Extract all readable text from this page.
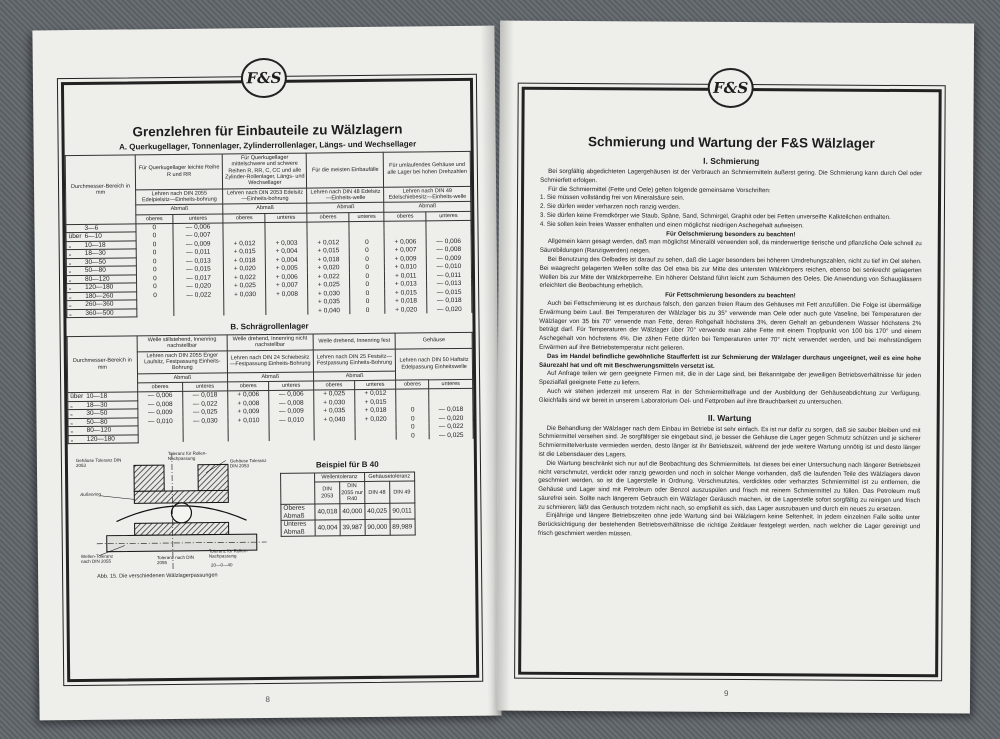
F&S
Grenzlehren für Einbauteile zu Wälzlagern
A. Querkugellager, Tonnenlager, Zylinderrollenlager, Längs- und Wechsellager
Durchmesser-Bereich in mm	Für Querkugellager leichte Reihe R und RR		Für Querkugellager mittelschwere und schwere Reihen R, RR, C, CC und alle Zylinder-Rollenlager, Längs- und Wechsellager		Für die meisten Einbaufälle		Für umlaufendes Gehäuse und alle Lager bei hohen Drehzahlen	
	Lehren nach DIN 2055 Edelpielsitz—Einheits-bohrung		Lehren nach DIN 2053 Edelsitz—Einheits-bohrung		Lehren nach DIN 48 Edelsitz—Einheits-welle		Lehren nach DIN 49 Edelschiebesitz—Einheits-welle	
	Abmaß		Abmaß		Abmaß		Abmaß	
	oberes	unteres	oberes	unteres	oberes	unteres	oberes	unteres
3—6	0	— 0,006						
über 6—10	0	— 0,007						
„ 10—18	0	— 0,009	+ 0,012	+ 0,003	+ 0,012	0	+ 0,006	— 0,006
„ 18—30	0	— 0,011	+ 0,015	+ 0,004	+ 0,015	0	+ 0,007	— 0,008
„ 30—50	0	— 0,013	+ 0,018	+ 0,004	+ 0,018	0	+ 0,009	— 0,009
„ 50—80	0	— 0,015	+ 0,020	+ 0,005	+ 0,020	0	+ 0,010	— 0,010
„ 80—120	0	— 0,017	+ 0,022	+ 0,006	+ 0,022	0	+ 0,011	— 0,011
„ 120—180	0	— 0,020	+ 0,025	+ 0,007	+ 0,025	0	+ 0,013	— 0,013
„ 180—260	0	— 0,022	+ 0,030	+ 0,008	+ 0,030	0	+ 0,015	— 0,015
„ 260—360					+ 0,035	0	+ 0,018	— 0,018
„ 360—500					+ 0,040	0	+ 0,020	— 0,020
B. Schrägrollenlager
Durchmesser-Bereich in mm	Welle stillstehend, Innenring nachstellbar		Welle drehend, Innenring nicht nachstellbar		Welle drehend, Innenring fest		Gehäuse	
	Lehren nach DIN 2055 Enger Laufsitz, Festpassung Einheits-Bohrung		Lehren nach DIN 24 Schiebesitz—Festpassung Einheits-Bohrung		Lehren nach DIN 25 Festsitz—Festpassung Einheits-Bohrung		Lehren nach DIN 50 Haftsitz Edelpassung Einheitswelle	
	Abmaß		Abmaß		Abmaß			
	oberes	unteres	oberes	unteres	oberes	unteres	oberes	unteres
über 10—18	— 0,006	— 0,018	+ 0,006	— 0,006	+ 0,025	+ 0,012		
„ 18—30	— 0,008	— 0,022	+ 0,008	— 0,008	+ 0,030	+ 0,015		
„ 30—50	— 0,009	— 0,025	+ 0,009	— 0,009	+ 0,035	+ 0,018	0	— 0,018
„ 50—80	— 0,010	— 0,030	+ 0,010	— 0,010	+ 0,040	+ 0,020	0	— 0,020
„ 80—120							0	— 0,022
„ 120—180							0	— 0,025
Gehäuse Toleranz DIN 2053
Toleranz für Rollen-Nachpassung	Gehäuse Toleranz DIN 2053
Außenring
Wellen-Toleranz nach DIN 2055
Toleranz nach DIN 2055
Toleranz für Rollen-Nachpassung
20—0—40
Abb. 15. Die verschiedenen Wälzlagerpassungen
Beispiel für B 40
	Wellentoleranz		Gehäusetoleranz	
	DIN 2053	DIN 2055 nur R40	DIN 48	DIN 49
Oberes Abmaß	40,018	40,000	40,025	90,011
Unteres Abmaß	40,004	39,987	90,000	89,989
8
F&S
Schmierung und Wartung der F&S Wälzlager
I. Schmierung

Bei sorgfältig abgedichteten Lagergehäusen ist der Verbrauch an Schmiermitteln äußerst gering. Die Schmierung kann durch Oel oder Schmierfett erfolgen.

Für die Schmiermittel (Fette und Oele) gelten folgende gemeinsame Vorschriften:

1. Sie müssen vollständig frei von Mineralsäure sein.

2. Sie dürfen weder verharzen noch ranzig werden.

3. Sie dürfen keine Fremdkörper wie Staub, Späne, Sand, Schmirgel, Graphit oder bei Fetten unverseifte Kalkteilchen enthalten.

4. Sie sollen kein freies Wasser enthalten und einen möglichst niedrigen Aschegehalt aufweisen.

Für Oelschmierung besonders zu beachten!

Allgemein kann gesagt werden, daß man möglichst Mineralöl verwenden soll, da minderwertige tierische und pflanzliche Oele schnell zu Säurebildungen (Ranzigwerden) neigen.

Bei Benutzung des Oelbades ist darauf zu sehen, daß die Lager besonders bei höheren Umdrehungszahlen, nicht zu tief im Oel stehen. Bei waagrecht gelagerten Wellen sollte das Oel etwa bis zur Mitte des untersten Wälzkörpers reichen, ebenso bei senkrecht gelagerten Wellen bis zur Mitte der Wälzkörperreihe. Ein höherer Oelstand führt leicht zum Schäumen des Oeles. Die Anwendung von Schauglässern erleichtert die Beobachtung erheblich.

Für Fettschmierung besonders zu beachten!

Auch bei Fettschmierung ist es durchaus falsch, den ganzen freien Raum des Gehäuses mit Fett anzufüllen. Die Folge ist übermäßige Erwärmung beim Lauf. Bei Temperaturen der Wälzlager bis zu 35° verwende man Oele oder auch gute Vaseline, bei Temperaturen der Wälzlager von 35 bis 70° verwende man Fette, deren Rohgehalt höchstens 3%, deren Gehalt an gebundenem Wasser höchstens 2% beträgt darf. Für Temperaturen der Wälzlager über 70° verwende man zähe Fette mit einem Tropfpunkt von 100 bis 170° und einem Aschegehalt von höchstens 4%. Die zähen Fette dürfen bei Temperaturen unter 70° nicht verwendet werden, und bei mehrstündigem Erwärmen auf ihre Betriebstemperatur nicht gelieren.

Das im Handel befindliche gewöhnliche Staufferfett ist zur Schmierung der Wälzlager durchaus ungeeignet, weil es eine hohe Säurezahl hat und oft mit Beschwerungsmitteln versetzt ist.

Auf Anfrage teilen wir gern geeignete Firmen mit, die in der Lage sind, bei Bekanntgabe der jeweiligen Betriebsverhältnisse für jeden Spezialfall geeignete Fette zu liefern.

Auch wir stehen jederzeit mit unserem Rat in der Schmiermittelfrage und der Ausbildung der Gehäuseabdichtung zur Verfügung. Gleichfalls sind wir bereit in unserem Laboratorium Oel- und Fettproben auf ihre Brauchbarkeit zu untersuchen.

II. Wartung

Die Behandlung der Wälzlager nach dem Einbau im Betriebe ist sehr einfach. Es ist nur dafür zu sorgen, daß sie sauber bleiben und mit Schmiermittel versehen sind. Je sorgfältiger sie eingebaut sind, je besser die Gehäuse die Lager gegen Schmutz schützen und je sicherer Schmiermittelverluste vermieden werden, desto länger ist ihr Betriebszeit, während der jede weitere Wartung unnötig ist und desto länger ist die Lebensdauer des Lagers.

Die Wartung beschränkt sich nur auf die Beobachtung des Schmiermittels. Ist dieses bei einer Untersuchung nach längerer Betriebszeit nicht verschmutzt, verdickt oder ranzig geworden und noch in solcher Menge vorhanden, daß die laufenden Teile des Wälzlagers davon geschmiert werden, so ist die Lagerstelle in Ordnung. Verschmutztes, verdicktes oder verharztes Schmiermittel ist zu entfernen, die Gehäuse und Lager sind mit Petroleum oder Benzol auszuspülen und frisch mit reinem Schmiermittel zu füllen. Das Petroleum muß säurefrei sein. Sollte nach längerem Gebrauch ein Wälzlager Geräusch machen, ist die Lagerstelle sofort sorgfältig zu reinigen und frisch zu schmieren; läßt das Geräusch trotzdem nicht nach, so empfiehlt es sich, das Lager auszubauen und durch ein neues zu ersetzen.

Einjährige und längere Betriebszeiten ohne jede Wartung sind bei Wälzlagern keine Seltenheit. In jedem einzelnen Falle sollte unter Berücksichtigung der bestehenden Betriebsverhältnisse die richtige Zeitdauer festgelegt werden, nach welcher die Lager gereinigt und frisch geschmiert werden müssen.

9
